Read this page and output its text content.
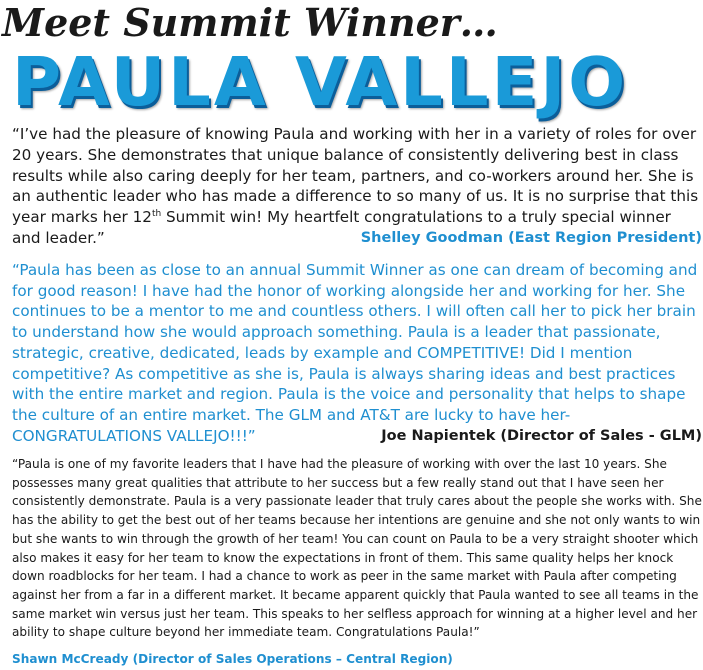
Meet Summit Winner…
PAULA VALLEJO
“I’ve had the pleasure of knowing Paula and working with her in a variety of roles for over 20 years. She demonstrates that unique balance of consistently delivering best in class results while also caring deeply for her team, partners, and co-workers around her. She is an authentic leader who has made a difference to so many of us. It is no surprise that this year marks her 12th Summit win! My heartfelt congratulations to a truly special winner and leader.”	Shelley Goodman (East Region President)
“Paula has been as close to an annual Summit Winner as one can dream of becoming and for good reason! I have had the honor of working alongside her and working for her. She continues to be a mentor to me and countless others. I will often call her to pick her brain to understand how she would approach something. Paula is a leader that passionate, strategic, creative, dedicated, leads by example and COMPETITIVE! Did I mention competitive? As competitive as she is, Paula is always sharing ideas and best practices with the entire market and region. Paula is the voice and personality that helps to shape the culture of an entire market. The GLM and AT&T are lucky to have her- CONGRATULATIONS VALLEJO!!!”	Joe Napientek (Director of Sales - GLM)
“Paula is one of my favorite leaders that I have had the pleasure of working with over the last 10 years. She possesses many great qualities that attribute to her success but a few really stand out that I have seen her consistently demonstrate. Paula is a very passionate leader that truly cares about the people she works with. She has the ability to get the best out of her teams because her intentions are genuine and she not only wants to win but she wants to win through the growth of her team! You can count on Paula to be a very straight shooter which also makes it easy for her team to know the expectations in front of them. This same quality helps her knock down roadblocks for her team. I had a chance to work as peer in the same market with Paula after competing against her from a far in a different market. It became apparent quickly that Paula wanted to see all teams in the same market win versus just her team. This speaks to her selfless approach for winning at a higher level and her ability to shape culture beyond her immediate team. Congratulations Paula!”
Shawn McCready (Director of Sales Operations – Central Region)
